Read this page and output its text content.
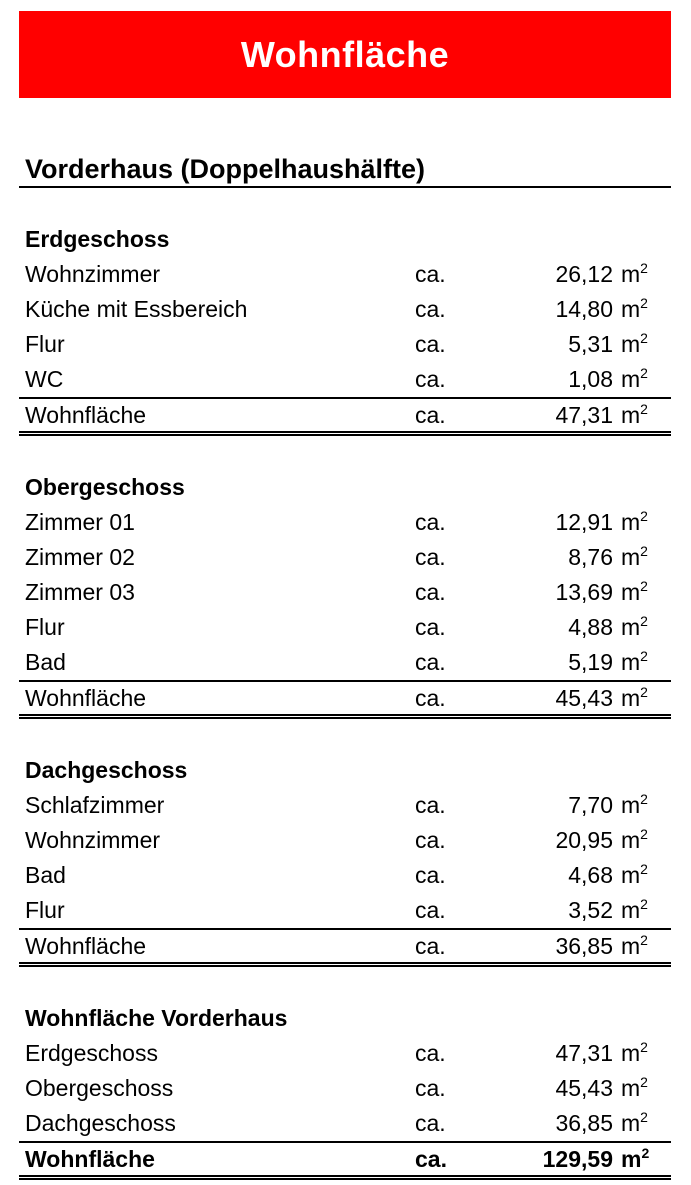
Wohnfläche
Vorderhaus (Doppelhaushälfte)
Erdgeschoss
Wohnzimmer	ca.	26,12 $m^2$
Küche mit Essbereich	ca.	14,80 $m^2$
Flur	ca.	5,31 $m^2$
WC	ca.	1,08 $m^2$
Wohnfläche	ca.	47,31 $m^2$
Obergeschoss
Zimmer 01	ca.	12,91 $m^2$
Zimmer 02	ca.	8,76 $m^2$
Zimmer 03	ca.	13,69 $m^2$
Flur	ca.	4,88 $m^2$
Bad	ca.	5,19 $m^2$
Wohnfläche	ca.	45,43 $m^2$
Dachgeschoss
Schlafzimmer	ca.	7,70 $m^2$
Wohnzimmer	ca.	20,95 $m^2$
Bad	ca.	4,68 $m^2$
Flur	ca.	3,52 $m^2$
Wohnfläche	ca.	36,85 $m^2$
Wohnfläche Vorderhaus
Erdgeschoss	ca.	47,31 $m^2$
Obergeschoss	ca.	45,43 $m^2$
Dachgeschoss	ca.	36,85 $m^2$
Wohnfläche	ca.	129,59 $m^2$
